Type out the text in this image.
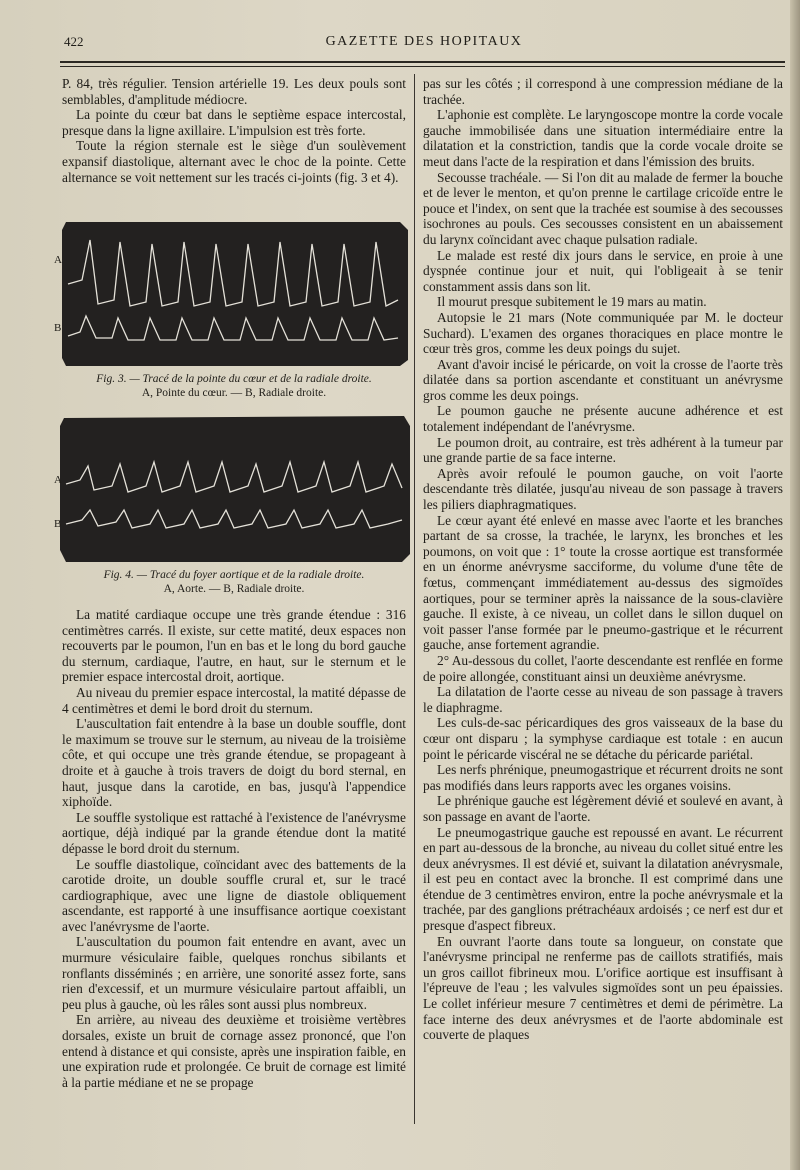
422	GAZETTE DES HOPITAUX

P. 84, très régulier. Tension artérielle 19. Les deux pouls sont semblables, d'amplitude médiocre.

La pointe du cœur bat dans le septième espace intercostal, presque dans la ligne axillaire. L'impulsion est très forte.

Toute la région sternale est le siège d'un soulèvement expansif diastolique, alternant avec le choc de la pointe. Cette alternance se voit nettement sur les tracés ci-joints (fig. 3 et 4).

A
B
Fig. 3. — Tracé de la pointe du cœur et de la radiale droite.
A, Pointe du cœur. — B, Radiale droite.
A
B
Fig. 4. — Tracé du foyer aortique et de la radiale droite.
A, Aorte. — B, Radiale droite.

La matité cardiaque occupe une très grande étendue : 316 centimètres carrés. Il existe, sur cette matité, deux espaces non recouverts par le poumon, l'un en bas et le long du bord gauche du sternum, cardiaque, l'autre, en haut, sur le sternum et le premier espace intercostal droit, aortique.

Au niveau du premier espace intercostal, la matité dépasse de 4 centimètres et demi le bord droit du sternum.

L'auscultation fait entendre à la base un double souffle, dont le maximum se trouve sur le sternum, au niveau de la troisième côte, et qui occupe une très grande étendue, se propageant à droite et à gauche à trois travers de doigt du bord sternal, en haut, jusque dans la carotide, en bas, jusqu'à l'appendice xiphoïde.

Le souffle systolique est rattaché à l'existence de l'anévrysme aortique, déjà indiqué par la grande étendue dont la matité dépasse le bord droit du sternum.

Le souffle diastolique, coïncidant avec des battements de la carotide droite, un double souffle crural et, sur le tracé cardiographique, avec une ligne de diastole obliquement ascendante, est rapporté à une insuffisance aortique coexistant avec l'anévrysme de l'aorte.

L'auscultation du poumon fait entendre en avant, avec un murmure vésiculaire faible, quelques ronchus sibilants et ronflants disséminés ; en arrière, une sonorité assez forte, sans rien d'excessif, et un murmure vésiculaire partout affaibli, un peu plus à gauche, où les râles sont aussi plus nombreux.

En arrière, au niveau des deuxième et troisième vertèbres dorsales, existe un bruit de cornage assez prononcé, que l'on entend à distance et qui consiste, après une inspiration faible, en une expiration rude et prolongée. Ce bruit de cornage est limité à la partie médiane et ne se propage

pas sur les côtés ; il correspond à une compression médiane de la trachée.

L'aphonie est complète. Le laryngoscope montre la corde vocale gauche immobilisée dans une situation intermédiaire entre la dilatation et la constriction, tandis que la corde vocale droite se meut dans l'acte de la respiration et dans l'émission des bruits.

Secousse trachéale. — Si l'on dit au malade de fermer la bouche et de lever le menton, et qu'on prenne le cartilage cricoïde entre le pouce et l'index, on sent que la trachée est soumise à des secousses isochrones au pouls. Ces secousses consistent en un abaissement du larynx coïncidant avec chaque pulsation radiale.

Le malade est resté dix jours dans le service, en proie à une dyspnée continue jour et nuit, qui l'obligeait à se tenir constamment assis dans son lit.

Il mourut presque subitement le 19 mars au matin.

Autopsie le 21 mars (Note communiquée par M. le docteur Suchard). L'examen des organes thoraciques en place montre le cœur très gros, comme les deux poings du sujet.

Avant d'avoir incisé le péricarde, on voit la crosse de l'aorte très dilatée dans sa portion ascendante et constituant un anévrysme gros comme les deux poings.

Le poumon gauche ne présente aucune adhérence et est totalement indépendant de l'anévrysme.

Le poumon droit, au contraire, est très adhérent à la tumeur par une grande partie de sa face interne.

Après avoir refoulé le poumon gauche, on voit l'aorte descendante très dilatée, jusqu'au niveau de son passage à travers les piliers diaphragmatiques.

Le cœur ayant été enlevé en masse avec l'aorte et les branches partant de sa crosse, la trachée, le larynx, les bronches et les poumons, on voit que : 1° toute la crosse aortique est transformée en un énorme anévrysme sacciforme, du volume d'une tête de fœtus, commençant immédiatement au-dessus des sigmoïdes aortiques, pour se terminer après la naissance de la sous-clavière gauche. Il existe, à ce niveau, un collet dans le sillon duquel on voit passer l'anse formée par le pneumo-gastrique et le récurrent gauche, anse fortement agrandie.

2° Au-dessous du collet, l'aorte descendante est renflée en forme de poire allongée, constituant ainsi un deuxième anévrysme.

La dilatation de l'aorte cesse au niveau de son passage à travers le diaphragme.

Les culs-de-sac péricardiques des gros vaisseaux de la base du cœur ont disparu ; la symphyse cardiaque est totale : en aucun point le péricarde viscéral ne se détache du péricarde pariétal.

Les nerfs phrénique, pneumogastrique et récurrent droits ne sont pas modifiés dans leurs rapports avec les organes voisins.

Le phrénique gauche est légèrement dévié et soulevé en avant, à son passage en avant de l'aorte.

Le pneumogastrique gauche est repoussé en avant. Le récurrent en part au-dessous de la bronche, au niveau du collet situé entre les deux anévrysmes. Il est dévié et, suivant la dilatation anévrysmale, il est peu en contact avec la bronche. Il est comprimé dans une étendue de 3 centimètres environ, entre la poche anévrysmale et la trachée, par des ganglions prétrachéaux ardoisés ; ce nerf est dur et presque d'aspect fibreux.

En ouvrant l'aorte dans toute sa longueur, on constate que l'anévrysme principal ne renferme pas de caillots stratifiés, mais un gros caillot fibrineux mou. L'orifice aortique est insuffisant à l'épreuve de l'eau ; les valvules sigmoïdes sont un peu épaissies. Le collet inférieur mesure 7 centimètres et demi de périmètre. La face interne des deux anévrysmes et de l'aorte abdominale est couverte de plaques
